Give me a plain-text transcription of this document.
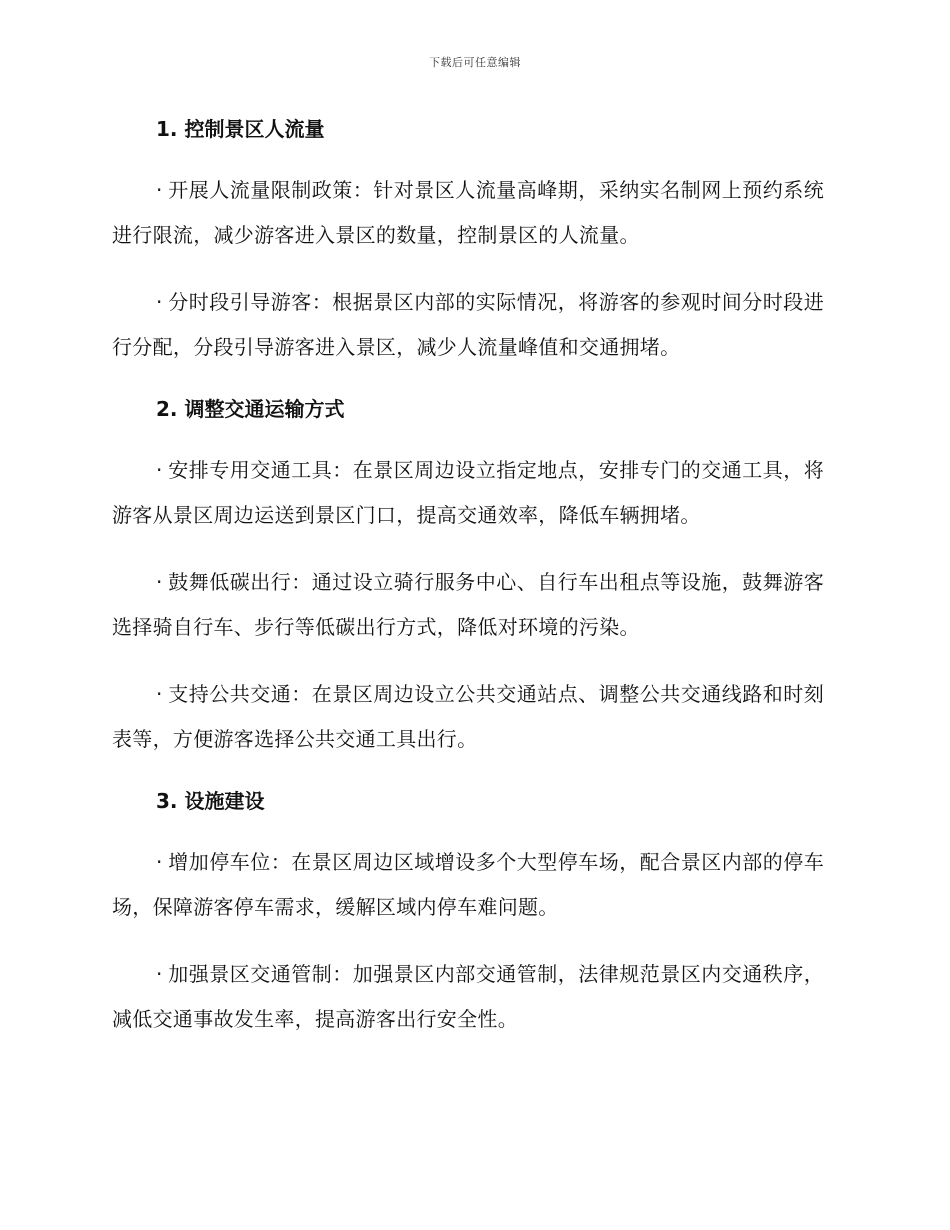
下载后可任意编辑
1. 控制景区人流量

· 开展人流量限制政策：针对景区人流量高峰期，采纳实名制网上预约系统进行限流，减少游客进入景区的数量，控制景区的人流量。

· 分时段引导游客：根据景区内部的实际情况，将游客的参观时间分时段进行分配，分段引导游客进入景区，减少人流量峰值和交通拥堵。

2. 调整交通运输方式

· 安排专用交通工具：在景区周边设立指定地点，安排专门的交通工具，将游客从景区周边运送到景区门口，提高交通效率，降低车辆拥堵。

· 鼓舞低碳出行：通过设立骑行服务中心、自行车出租点等设施，鼓舞游客选择骑自行车、步行等低碳出行方式，降低对环境的污染。

· 支持公共交通：在景区周边设立公共交通站点、调整公共交通线路和时刻表等，方便游客选择公共交通工具出行。

3. 设施建设

· 增加停车位：在景区周边区域增设多个大型停车场，配合景区内部的停车场，保障游客停车需求，缓解区域内停车难问题。

· 加强景区交通管制：加强景区内部交通管制，法律规范景区内交通秩序，减低交通事故发生率，提高游客出行安全性。
